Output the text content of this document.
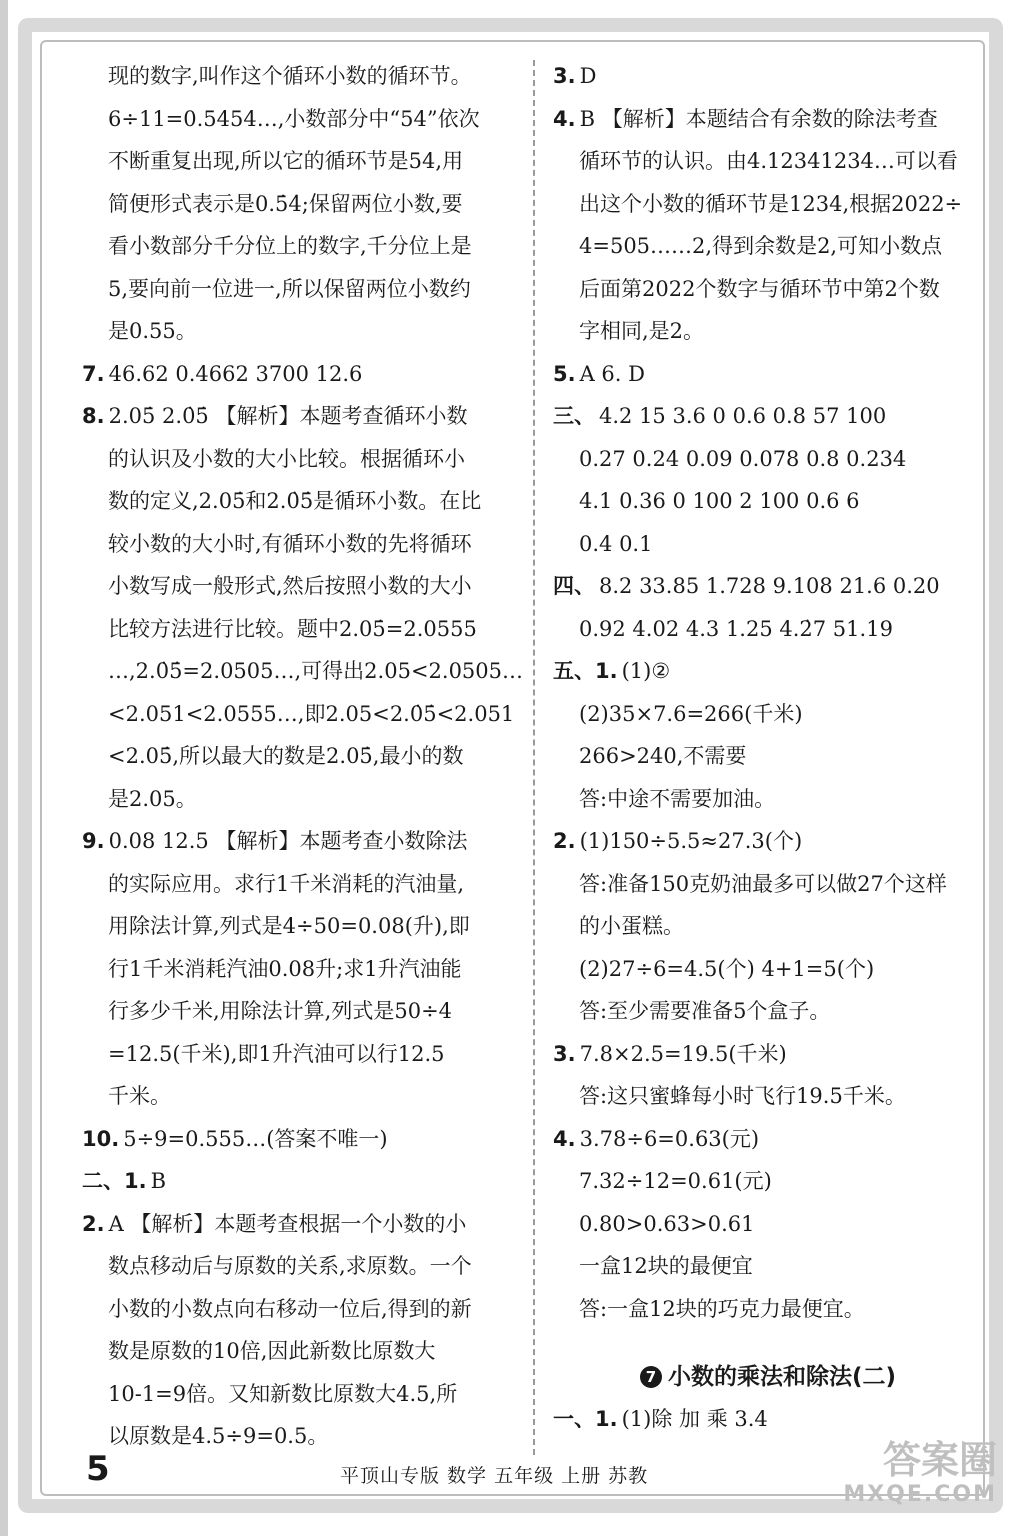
现的数字,叫作这个循环小数的循环节。
6÷11=0.5454…,小数部分中“54”依次
不断重复出现,所以它的循环节是54,用
简便形式表示是0.5̇4̇;保留两位小数,要
看小数部分千分位上的数字,千分位上是
5,要向前一位进一,所以保留两位小数约
是0.55。
7. 46.62 0.4662 3700 12.6
8. 2.05̇ 2.0̇5̇ 【解析】本题考查循环小数
的认识及小数的大小比较。根据循环小
数的定义,2.05̇和2.0̇5̇是循环小数。在比
较小数的大小时,有循环小数的先将循环
小数写成一般形式,然后按照小数的大小
比较方法进行比较。题中2.05̇=2.0555
…,2.0̇5̇=2.0505…,可得出2.05<2.0505…
<2.051<2.0555…,即2.05<2.0̇5̇<2.051
<2.05̇,所以最大的数是2.05̇,最小的数
是2.05。
9. 0.08 12.5 【解析】本题考查小数除法
的实际应用。求行1千米消耗的汽油量,
用除法计算,列式是4÷50=0.08(升),即
行1千米消耗汽油0.08升;求1升汽油能
行多少千米,用除法计算,列式是50÷4
=12.5(千米),即1升汽油可以行12.5
千米。
10. 5÷9=0.555…(答案不唯一)
二、1. B
2. A 【解析】本题考查根据一个小数的小
数点移动后与原数的关系,求原数。一个
小数的小数点向右移动一位后,得到的新
数是原数的10倍,因此新数比原数大
10-1=9倍。又知新数比原数大4.5,所
以原数是4.5÷9=0.5。
3. D
4. B 【解析】本题结合有余数的除法考查
循环节的认识。由4.12341234…可以看
出这个小数的循环节是1234,根据2022÷
4=505……2,得到余数是2,可知小数点
后面第2022个数字与循环节中第2个数
字相同,是2。
5. A 6. D
三、 4.2 15 3.6 0 0.6 0.8 57 100
0.27 0.24 0.09 0.078 0.8 0.234
4.1 0.36 0 100 2 100 0.6 6
0.4 0.1
四、 8.2 33.85 1.728 9.108 21.6 0.20
0.92 4.02 4.3 1.25 4.2̇7 51.19
五、1. (1)②
(2)35×7.6=266(千米)
266>240,不需要
答:中途不需要加油。
2. (1)150÷5.5≈27.3(个)
答:准备150克奶油最多可以做27个这样
的小蛋糕。
(2)27÷6=4.5(个) 4+1=5(个)
答:至少需要准备5个盒子。
3. 7.8×2.5=19.5(千米)
答:这只蜜蜂每小时飞行19.5千米。
4. 3.78÷6=0.63(元)
7.32÷12=0.61(元)
0.80>0.63>0.61
一盒12块的最便宜
答:一盒12块的巧克力最便宜。
7 小数的乘法和除法(二)
一、1. (1)除 加 乘 3.4
5	平顶山专版 数学 五年级 上册 苏教	答案圈
MXQE.COM
